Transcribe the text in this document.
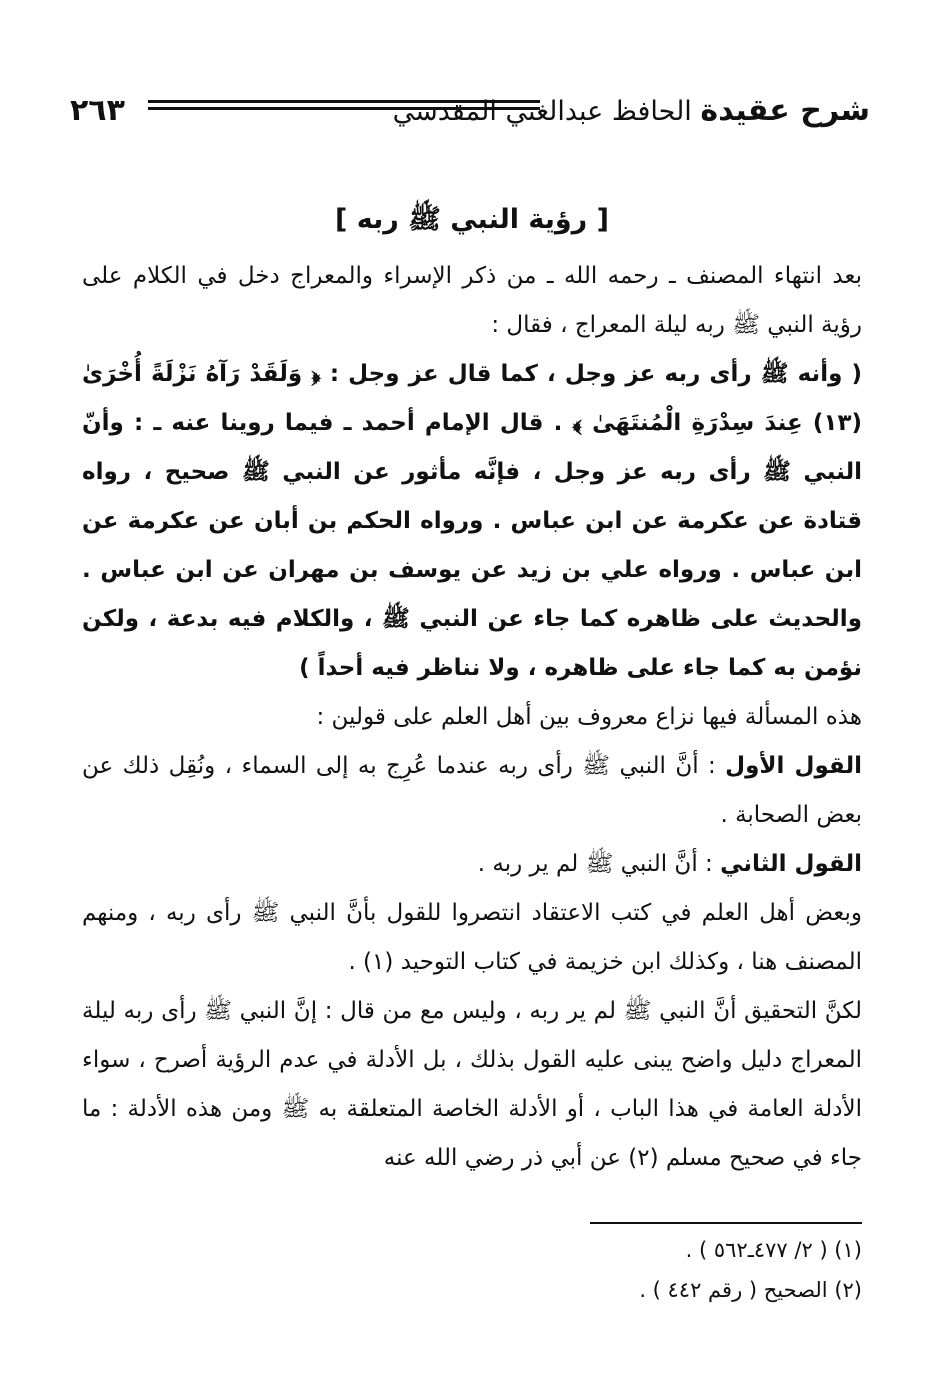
٢٦٣	شرح عقيدة الحافظ عبدالغني المقدسي
[ رؤية النبي ﷺ ربه ]

بعد انتهاء المصنف ـ رحمه الله ـ من ذكر الإسراء والمعراج دخل في الكلام على رؤية النبي ﷺ ربه ليلة المعراج ، فقال :

( وأنه ﷺ رأى ربه عز وجل ، كما قال عز وجل : ﴿ وَلَقَدْ رَآهُ نَزْلَةً أُخْرَىٰ (١٣) عِندَ سِدْرَةِ الْمُنتَهَىٰ ﴾ . قال الإمام أحمد ـ فيما روينا عنه ـ : وأنّ النبي ﷺ رأى ربه عز وجل ، فإنَّه مأثور عن النبي ﷺ صحيح ، رواه قتادة عن عكرمة عن ابن عباس . ورواه الحكم بن أبان عن عكرمة عن ابن عباس . ورواه علي بن زيد عن يوسف بن مهران عن ابن عباس . والحديث على ظاهره كما جاء عن النبي ﷺ ، والكلام فيه بدعة ، ولكن نؤمن به كما جاء على ظاهره ، ولا نناظر فيه أحداً )

هذه المسألة فيها نزاع معروف بين أهل العلم على قولين :

القول الأول : أنَّ النبي ﷺ رأى ربه عندما عُرِج به إلى السماء ، ونُقِل ذلك عن بعض الصحابة .

القول الثاني : أنَّ النبي ﷺ لم ير ربه .

وبعض أهل العلم في كتب الاعتقاد انتصروا للقول بأنَّ النبي ﷺ رأى ربه ، ومنهم المصنف هنا ، وكذلك ابن خزيمة في كتاب التوحيد (١) .

لكنَّ التحقيق أنَّ النبي ﷺ لم ير ربه ، وليس مع من قال : إنَّ النبي ﷺ رأى ربه ليلة المعراج دليل واضح يبنى عليه القول بذلك ، بل الأدلة في عدم الرؤية أصرح ، سواء الأدلة العامة في هذا الباب ، أو الأدلة الخاصة المتعلقة به ﷺ ومن هذه الأدلة : ما جاء في صحيح مسلم (٢) عن أبي ذر رضي الله عنه

(١) ( ٢/ ٤٧٧ـ٥٦٢ ) .
(٢) الصحيح ( رقم ٤٤٢ ) .
